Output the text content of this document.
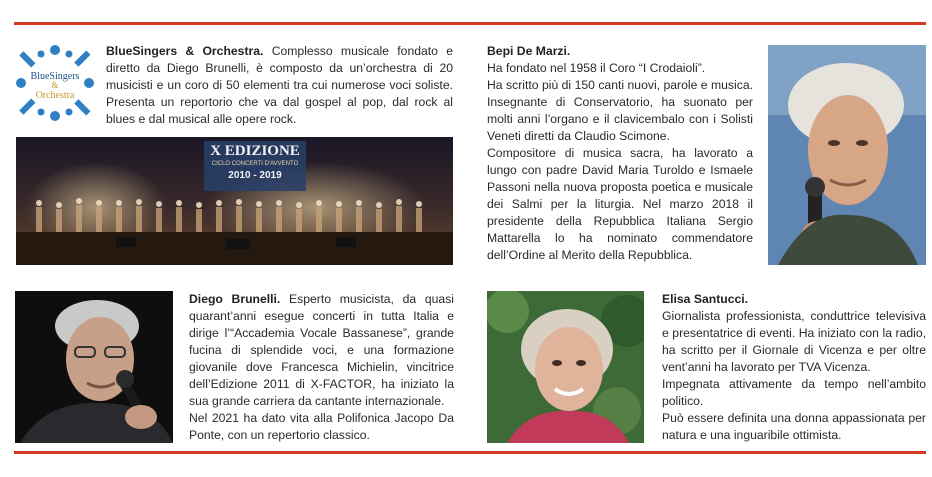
BlueSingers
&
Orchestra
BlueSingers & Orchestra. Complesso musicale fondato e diretto da Diego Brunelli, è composto da un’orchestra di 20 musicisti e un coro di 50 elementi tra cui numerose voci soliste. Presenta un reportorio che va dal gospel al pop, dal rock al blues e dal musical alle opere rock.
X EDIZIONE
CICLO CONCERTI D'AVVENTO
2010 - 2019
Bepi De Marzi.
Ha fondato nel 1958 il Coro “I Crodaioli”.
Ha scritto più di 150 canti nuovi, parole e musica. Insegnante di Conservatorio, ha suonato per molti anni l’organo e il clavicembalo con i Solisti Veneti diretti da Claudio Scimone.
Compositore di musica sacra, ha lavorato a lungo con padre David Maria Turoldo e Ismaele Passoni nella nuova proposta poetica e musicale dei Salmi per la liturgia. Nel marzo 2018 il presidente della Repubblica Italiana Sergio Mattarella lo ha nominato commendatore dell’Ordine al Merito della Repubblica.
Diego Brunelli. Esperto musicista, da quasi quarant’anni esegue concerti in tutta Italia e dirige l’“Accademia Vocale Bassanese”, grande fucina di splendide voci, e una formazione giovanile dove Francesca Michielin, vincitrice dell’Edizione 2011 di X-FACTOR, ha iniziato la sua grande carriera da cantante internazionale.
Nel 2021 ha dato vita alla Polifonica Jacopo Da Ponte, con un repertorio classico.
Elisa Santucci.
Giornalista professionista, conduttrice televisiva e presentatrice di eventi. Ha iniziato con la radio, ha scritto per il Giornale di Vicenza e per oltre vent’anni ha lavorato per TVA Vicenza.
Impegnata attivamente da tempo nell’ambito politico.
Può essere definita una donna appassionata per natura e una inguaribile ottimista.
